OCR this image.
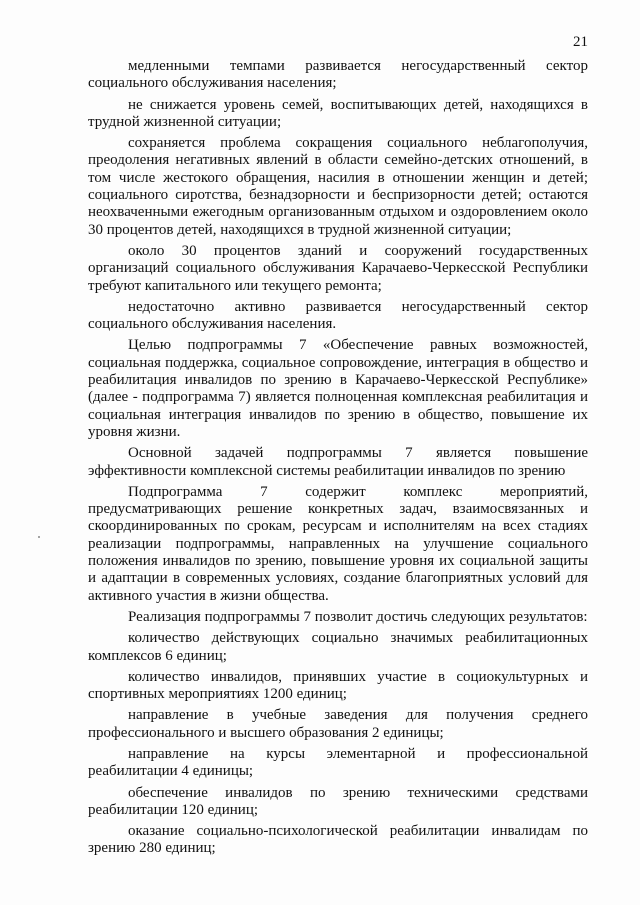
21

медленными темпами развивается негосударственный сектор социального обслуживания населения;

не снижается уровень семей, воспитывающих детей, находящихся в трудной жизненной ситуации;

сохраняется проблема сокращения социального неблагополучия, преодоления негативных явлений в области семейно-детских отношений, в том числе жестокого обращения, насилия в отношении женщин и детей; социального сиротства, безнадзорности и беспризорности детей; остаются неохваченными ежегодным организованным отдыхом и оздоровлением около 30 процентов детей, находящихся в трудной жизненной ситуации;

около 30 процентов зданий и сооружений государственных организаций социального обслуживания Карачаево-Черкесской Республики требуют капитального или текущего ремонта;

недостаточно активно развивается негосударственный сектор социального обслуживания населения.

Целью подпрограммы 7 «Обеспечение равных возможностей, социальная поддержка, социальное сопровождение, интеграция в общество и реабилитация инвалидов по зрению в Карачаево-Черкесской Республике» (далее - подпрограмма 7) является полноценная комплексная реабилитация и социальная интеграция инвалидов по зрению в общество, повышение их уровня жизни.

Основной задачей подпрограммы 7 является повышение эффективности комплексной системы реабилитации инвалидов по зрению

Подпрограмма 7 содержит комплекс мероприятий, предусматривающих решение конкретных задач, взаимосвязанных и скоординированных по срокам, ресурсам и исполнителям на всех стадиях реализации подпрограммы, направленных на улучшение социального положения инвалидов по зрению, повышение уровня их социальной защиты и адаптации в современных условиях, создание благоприятных условий для активного участия в жизни общества.

Реализация подпрограммы 7 позволит достичь следующих результатов:

количество действующих социально значимых реабилитационных комплексов 6 единиц;

количество инвалидов, принявших участие в социокультурных и спортивных мероприятиях 1200 единиц;

направление в учебные заведения для получения среднего профессионального и высшего образования 2 единицы;

направление на курсы элементарной и профессиональной реабилитации 4 единицы;

обеспечение инвалидов по зрению техническими средствами реабилитации 120 единиц;

оказание социально-психологической реабилитации инвалидам по зрению 280 единиц;
